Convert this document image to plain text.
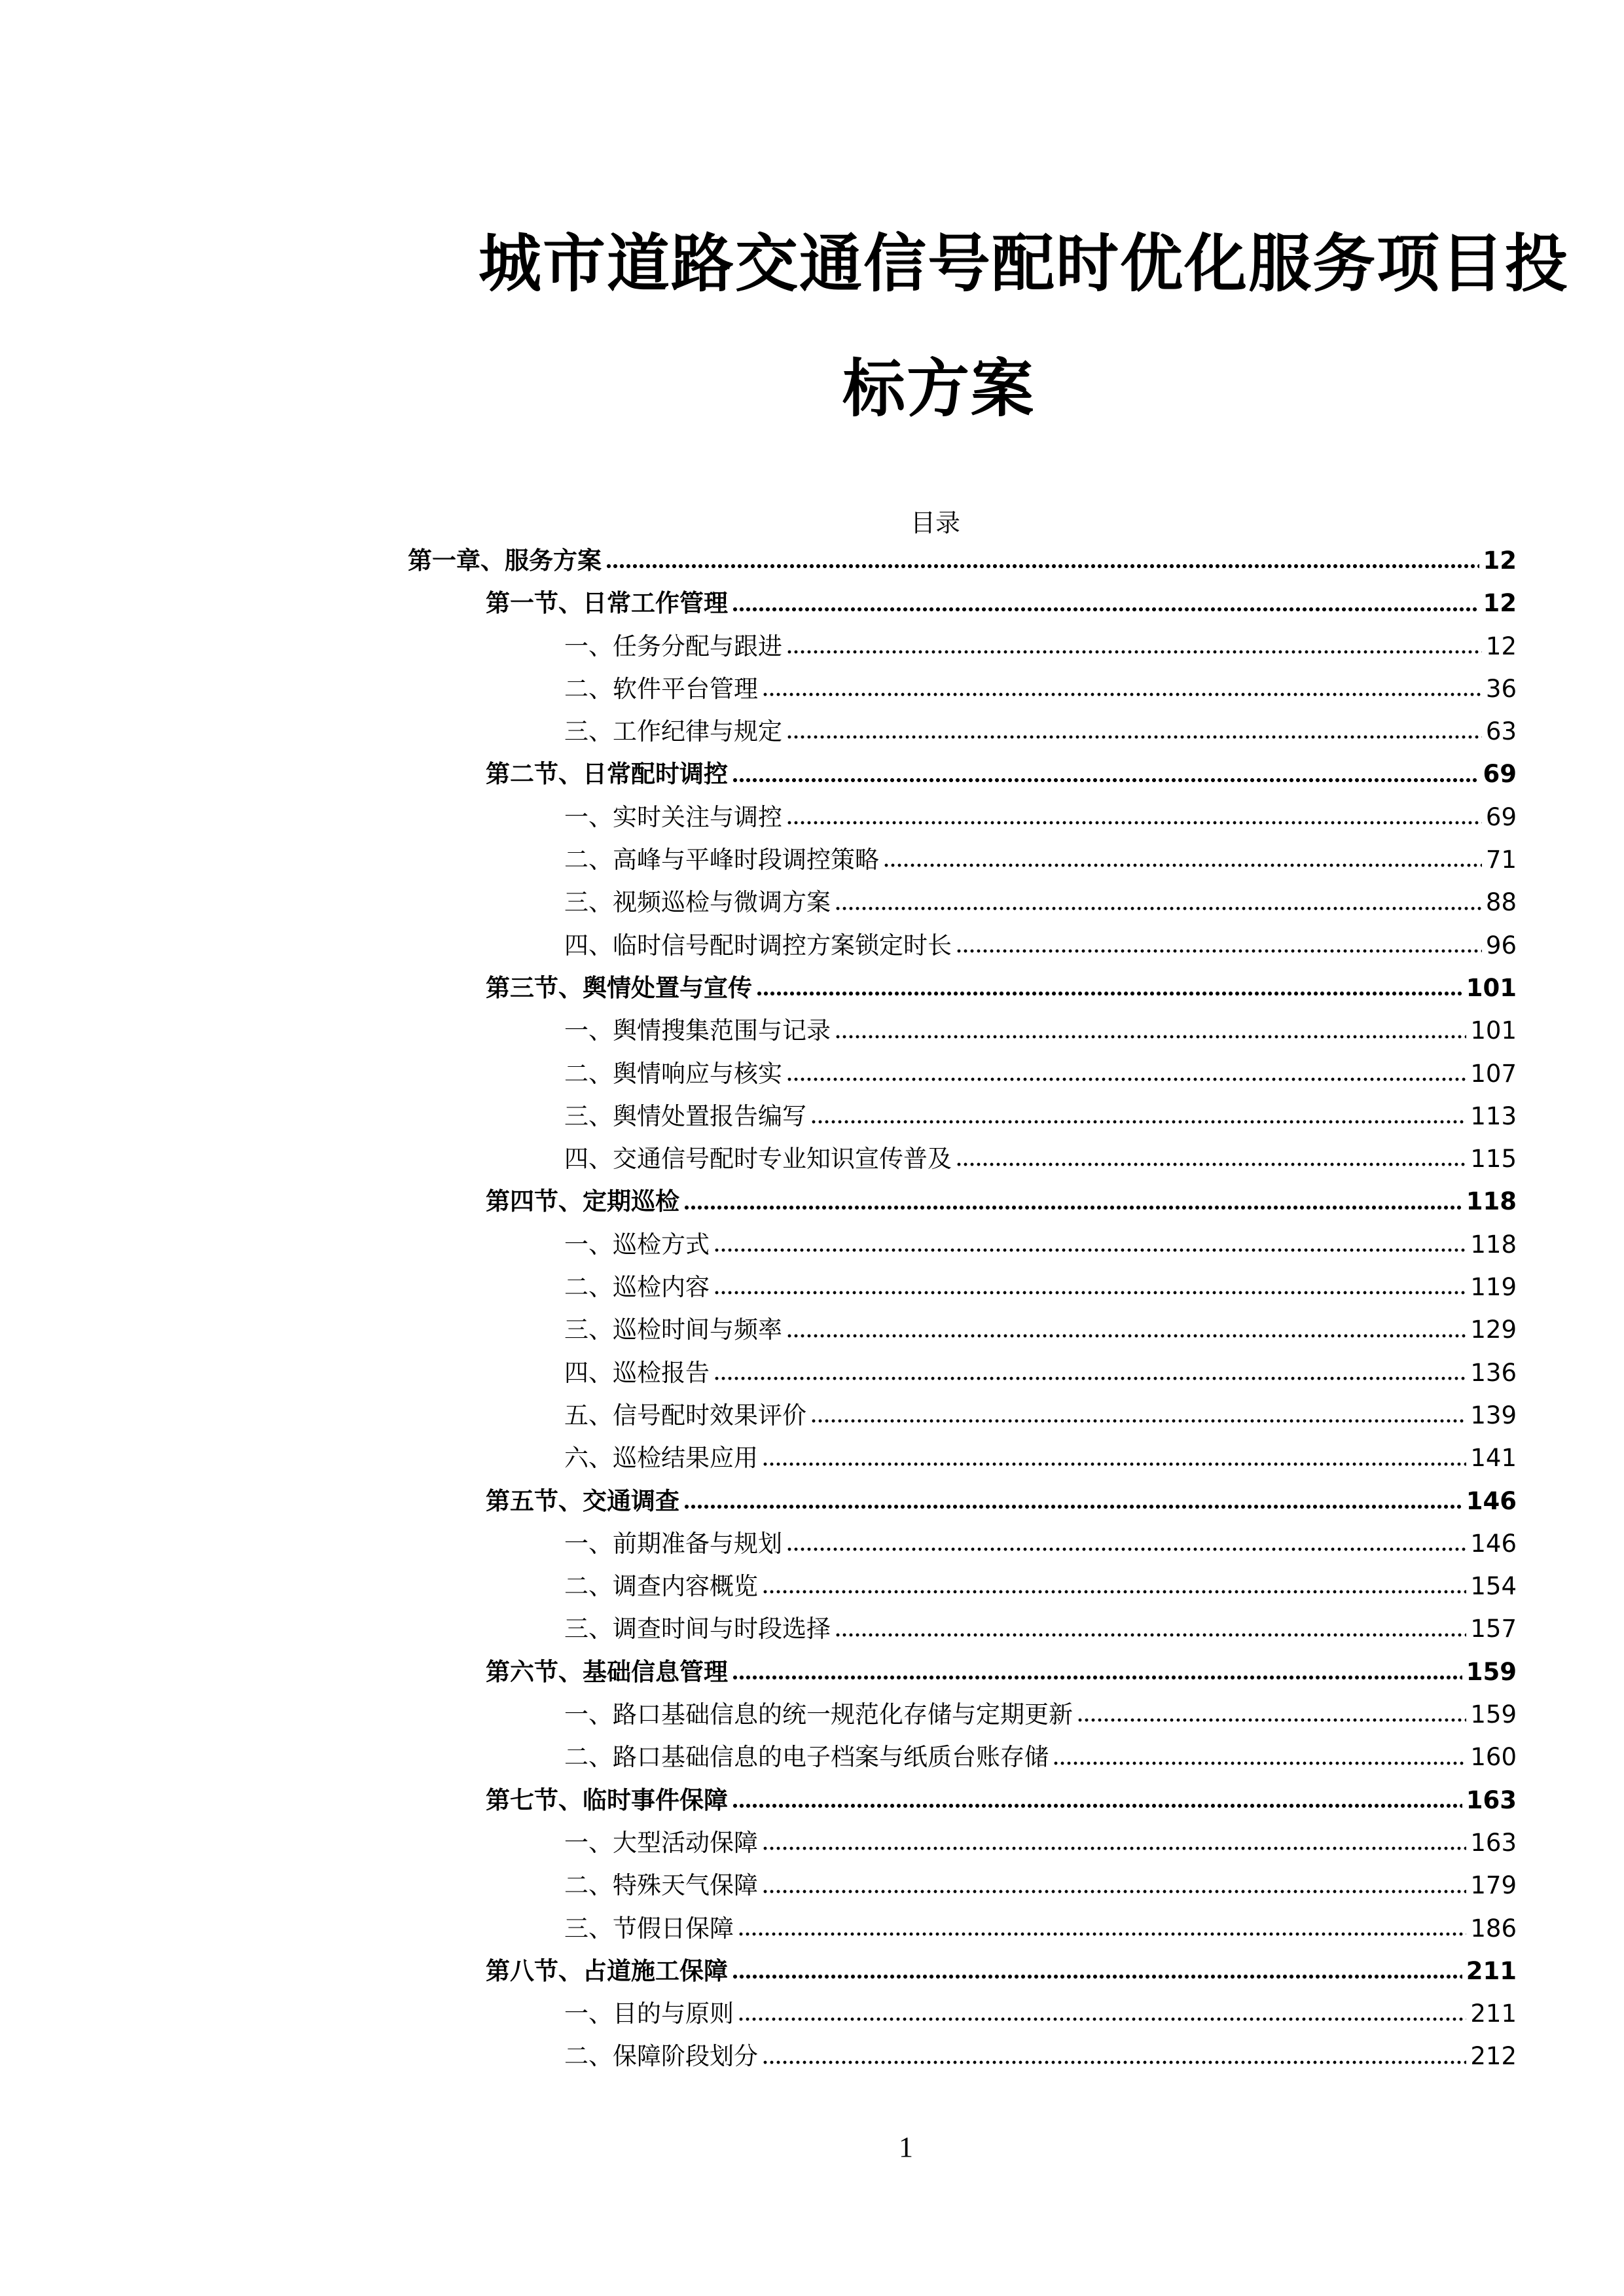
城市道路交通信号配时优化服务项目投
标方案
目录
第一章、服务方案	12
第一节、日常工作管理	12
一、任务分配与跟进	12
二、软件平台管理	36
三、工作纪律与规定	63
第二节、日常配时调控	69
一、实时关注与调控	69
二、高峰与平峰时段调控策略	71
三、视频巡检与微调方案	88
四、临时信号配时调控方案锁定时长	96
第三节、舆情处置与宣传	101
一、舆情搜集范围与记录	101
二、舆情响应与核实	107
三、舆情处置报告编写	113
四、交通信号配时专业知识宣传普及	115
第四节、定期巡检	118
一、巡检方式	118
二、巡检内容	119
三、巡检时间与频率	129
四、巡检报告	136
五、信号配时效果评价	139
六、巡检结果应用	141
第五节、交通调查	146
一、前期准备与规划	146
二、调查内容概览	154
三、调查时间与时段选择	157
第六节、基础信息管理	159
一、路口基础信息的统一规范化存储与定期更新	159
二、路口基础信息的电子档案与纸质台账存储	160
第七节、临时事件保障	163
一、大型活动保障	163
二、特殊天气保障	179
三、节假日保障	186
第八节、占道施工保障	211
一、目的与原则	211
二、保障阶段划分	212
1
